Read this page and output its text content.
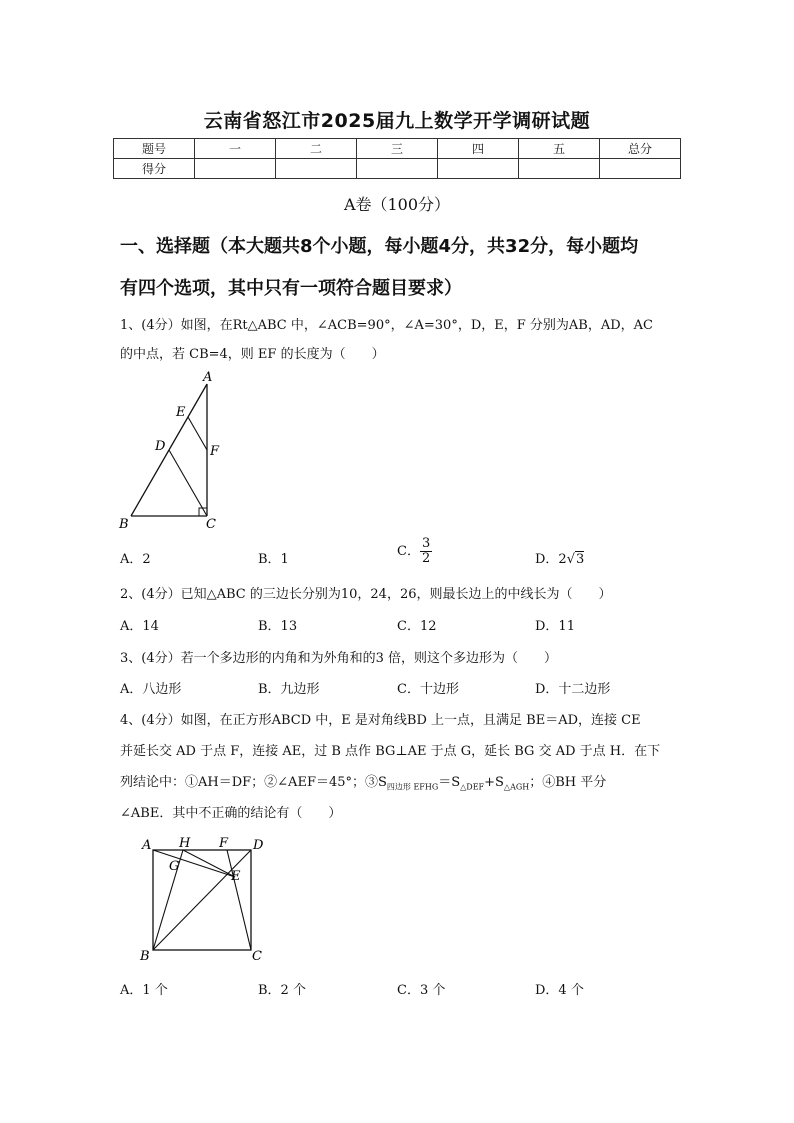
云南省怒江市2025届九上数学开学调研试题
题号	一	二	三	四	五	总分
得分						
A卷（100分）
一、选择题（本大题共8个小题，每小题4分，共32分，每小题均
有四个选项，其中只有一项符合题目要求）
1、(4分）如图，在Rt△ABC 中，∠ACB=90°，∠A=30°，D，E，F 分别为AB，AD，AC
的中点，若 CB=4，则 EF 的长度为（　　）
A
B	C
D
E
F
A．2	B．1
C． $\frac{3}{2}$	D．2√3
2、(4分）已知△ABC 的三边长分别为10，24，26，则最长边上的中线长为（　　）
A．14	B．13	C．12	D．11
3、(4分）若一个多边形的内角和为外角和的3 倍，则这个多边形为（　　）
A．八边形	B．九边形	C．十边形	D．十二边形
4、(4分）如图，在正方形ABCD 中，E 是对角线BD 上一点，且满足 BE＝AD，连接 CE
并延长交 AD 于点 F，连接 AE，过 B 点作 BG⊥AE 于点 G，延长 BG 交 AD 于点 H．在下
列结论中：①AH＝DF；②∠AEF＝45°；$③S_{四边形 EFHG}=S_{\triangle DEF}+S_{\triangle AGH}$；④BH 平分
∠ABE．其中不正确的结论有（　　）
A H F D
G
E
B	C
A．1 个	B．2 个	C．3 个	D．4 个
